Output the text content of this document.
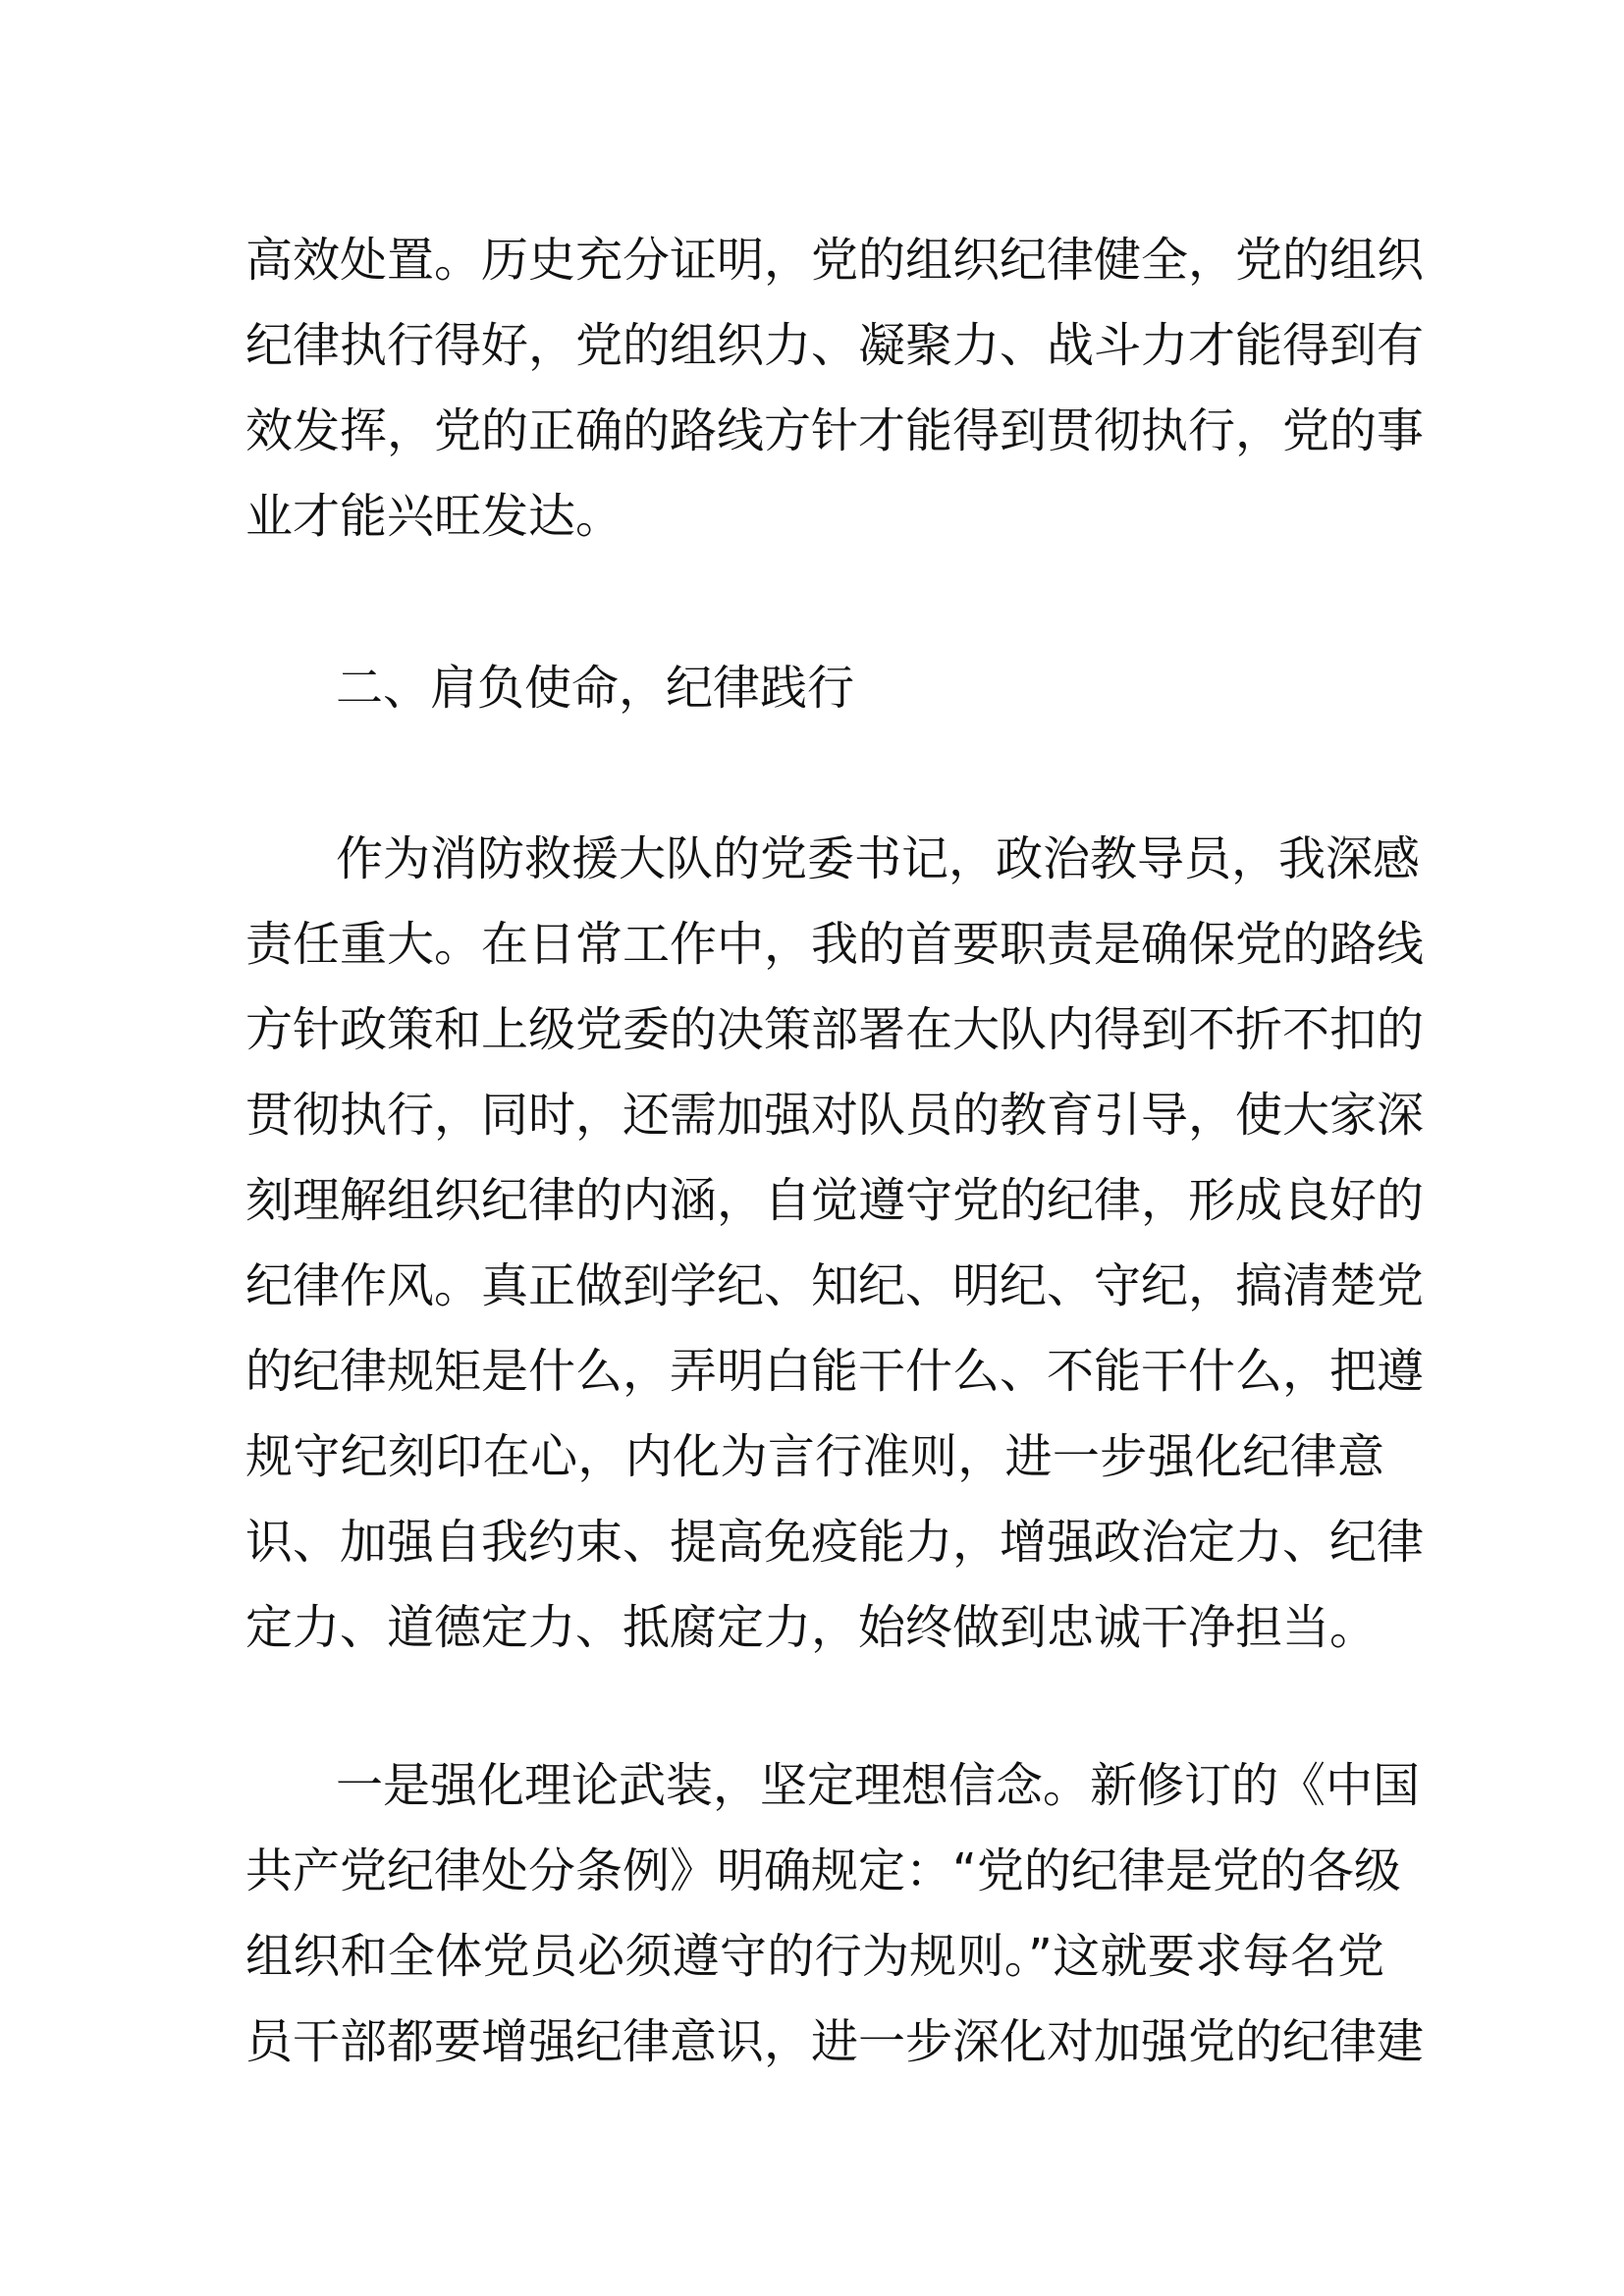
高效处置。历史充分证明，党的组织纪律健全，党的组织
纪律执行得好，党的组织力、凝聚力、战斗力才能得到有
效发挥，党的正确的路线方针才能得到贯彻执行，党的事
业才能兴旺发达。
二、肩负使命，纪律践行
作为消防救援大队的党委书记，政治教导员，我深感
责任重大。在日常工作中，我的首要职责是确保党的路线
方针政策和上级党委的决策部署在大队内得到不折不扣的
贯彻执行，同时，还需加强对队员的教育引导，使大家深
刻理解组织纪律的内涵，自觉遵守党的纪律，形成良好的
纪律作风。真正做到学纪、知纪、明纪、守纪，搞清楚党
的纪律规矩是什么，弄明白能干什么、不能干什么，把遵
规守纪刻印在心，内化为言行准则，进一步强化纪律意
识、加强自我约束、提高免疫能力，增强政治定力、纪律
定力、道德定力、抵腐定力，始终做到忠诚干净担当。
一是强化理论武装，坚定理想信念。新修订的《中国
共产党纪律处分条例》明确规定：“党的纪律是党的各级
组织和全体党员必须遵守的行为规则。”这就要求每名党
员干部都要增强纪律意识，进一步深化对加强党的纪律建
